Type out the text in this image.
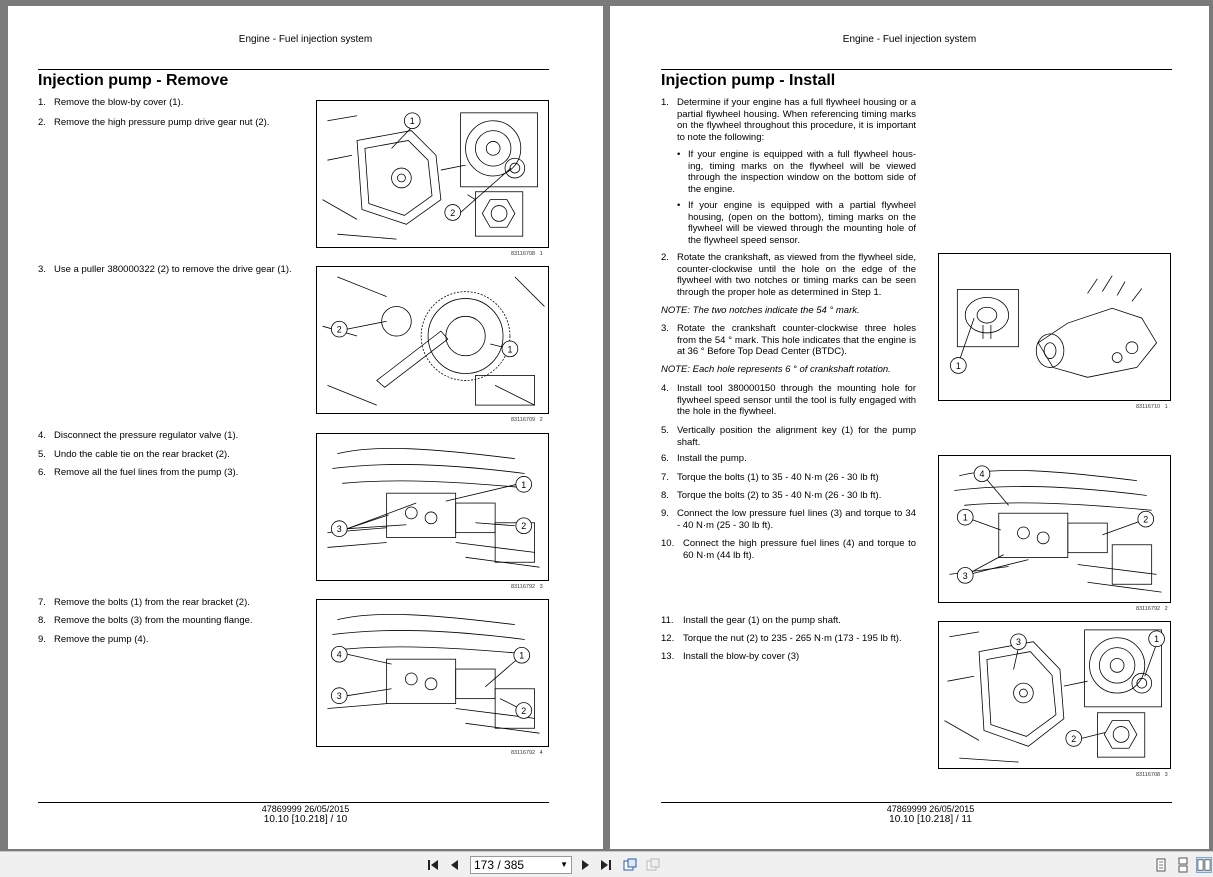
Engine - Fuel injection system
Injection pump - Remove
1. Remove the blow-by cover (1).
2. Remove the high pressure pump drive gear nut (2).
3. Use a puller 380000322 (2) to remove the drive gear (1).
4. Disconnect the pressure regulator valve (1).
5. Undo the cable tie on the rear bracket (2).
6. Remove all the fuel lines from the pump (3).
7. Remove the bolts (1) from the rear bracket (2).
8. Remove the bolts (3) from the mounting flange.
9. Remove the pump (4).
1
2
83116708 1
1
2
83116709 2
1
2
3
83116792 3
4
3
1
2
83116792 4
47869999 26/05/2015
10.10 [10.218] / 10
Engine - Fuel injection system
Injection pump - Install
1. Determine if your engine has a full flywheel housing or a partial flywheel housing. When referencing timing marks on the flywheel throughout this procedure, it is important to note the following:
• If your engine is equipped with a full flywheel hous-ing, timing marks on the flywheel will be viewed through the inspection window on the bottom side of the engine.
• If your engine is equipped with a partial flywheel housing, (open on the bottom), timing marks on the flywheel will be viewed through the mounting hole of the flywheel speed sensor.
2. Rotate the crankshaft, as viewed from the flywheel side, counter-clockwise until the hole on the edge of the flywheel with two notches or timing marks can be seen through the proper hole as determined in Step 1.
NOTE: The two notches indicate the 54 ° mark.
3. Rotate the crankshaft counter-clockwise three holes from the 54 ° mark. This hole indicates that the engine is at 36 ° Before Top Dead Center (BTDC).
NOTE: Each hole represents 6 ° of crankshaft rotation.
4. Install tool 380000150 through the mounting hole for flywheel speed sensor until the tool is fully engaged with the hole in the flywheel.
5. Vertically position the alignment key (1) for the pump shaft.
6. Install the pump.
7. Torque the bolts (1) to 35 - 40 N·m (26 - 30 lb ft)
8. Torque the bolts (2) to 35 - 40 N·m (26 - 30 lb ft).
9. Connect the low pressure fuel lines (3) and torque to 34 - 40 N·m (25 - 30 lb ft).
10. Connect the high pressure fuel lines (4) and torque to 60 N·m (44 lb ft).
11. Install the gear (1) on the pump shaft.
12. Torque the nut (2) to 235 - 265 N·m (173 - 195 lb ft).
13. Install the blow-by cover (3)
1
83116710 1
4
1	2
3
83116792 2
3	1
2
83116708 3
47869999 26/05/2015
10.10 [10.218] / 11
173 / 385	▼
